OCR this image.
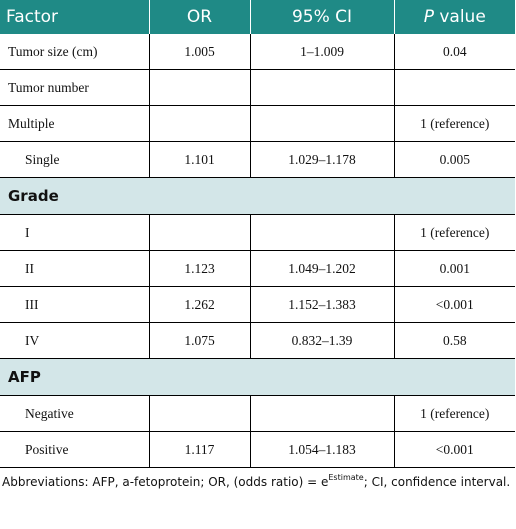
Factor	OR	95% CI	P value
Tumor size (cm)	1.005	1–1.009	0.04
Tumor number			
Multiple			1 (reference)
Single	1.101	1.029–1.178	0.005
Grade			
I			1 (reference)
II	1.123	1.049–1.202	0.001
III	1.262	1.152–1.383	<0.001
IV	1.075	0.832–1.39	0.58
AFP			
Negative			1 (reference)
Positive	1.117	1.054–1.183	<0.001

Abbreviations: AFP, a-fetoprotein; OR, (odds ratio) = $e^{Estimate}$; CI, confidence interval.
